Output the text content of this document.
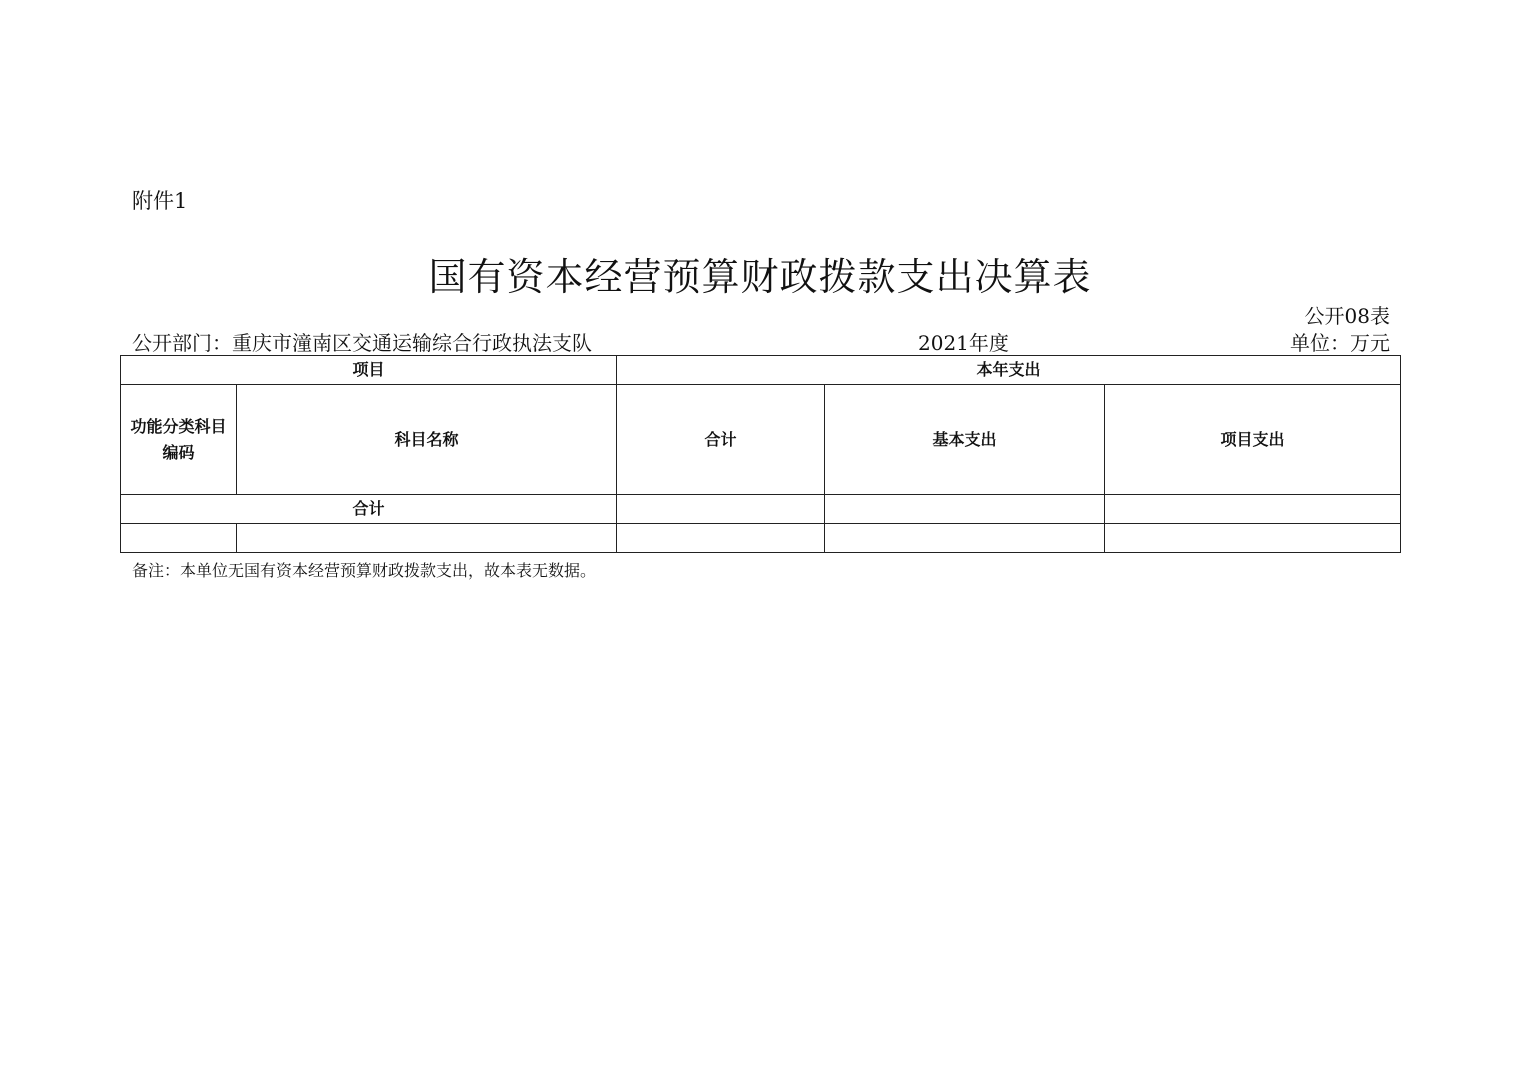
附件1
国有资本经营预算财政拨款支出决算表
公开08表
公开部门：重庆市潼南区交通运输综合行政执法支队	2021年度	单位：万元
项目		本年支出		
功能分类科目编码	科目名称	合计	基本支出	项目支出
合计				

备注：本单位无国有资本经营预算财政拨款支出，故本表无数据。
